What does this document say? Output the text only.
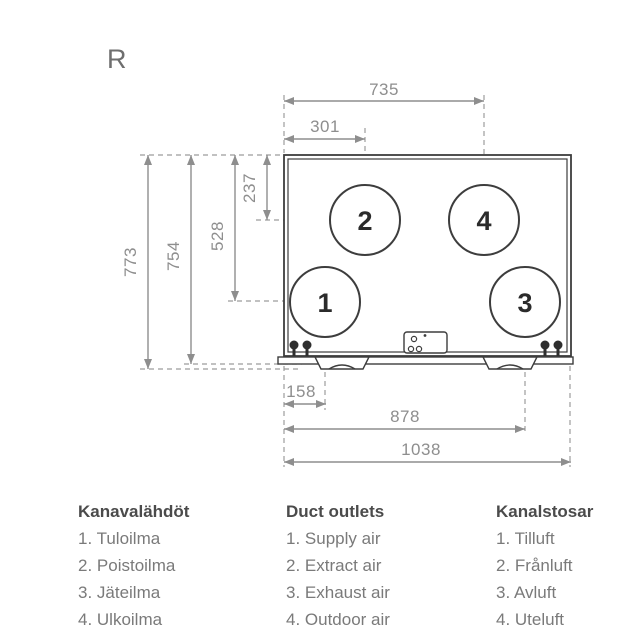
R
735
301
773 754
528
237
158
878
1038
1
2
3
4
Kanavalähdöt
1. Tuloilma
2. Poistoilma
3. Jäteilma
4. Ulkoilma
Duct outlets
1. Supply air
2. Extract air
3. Exhaust air
4. Outdoor air
Kanalstosar
1. Tilluft
2. Frånluft
3. Avluft
4. Uteluft
